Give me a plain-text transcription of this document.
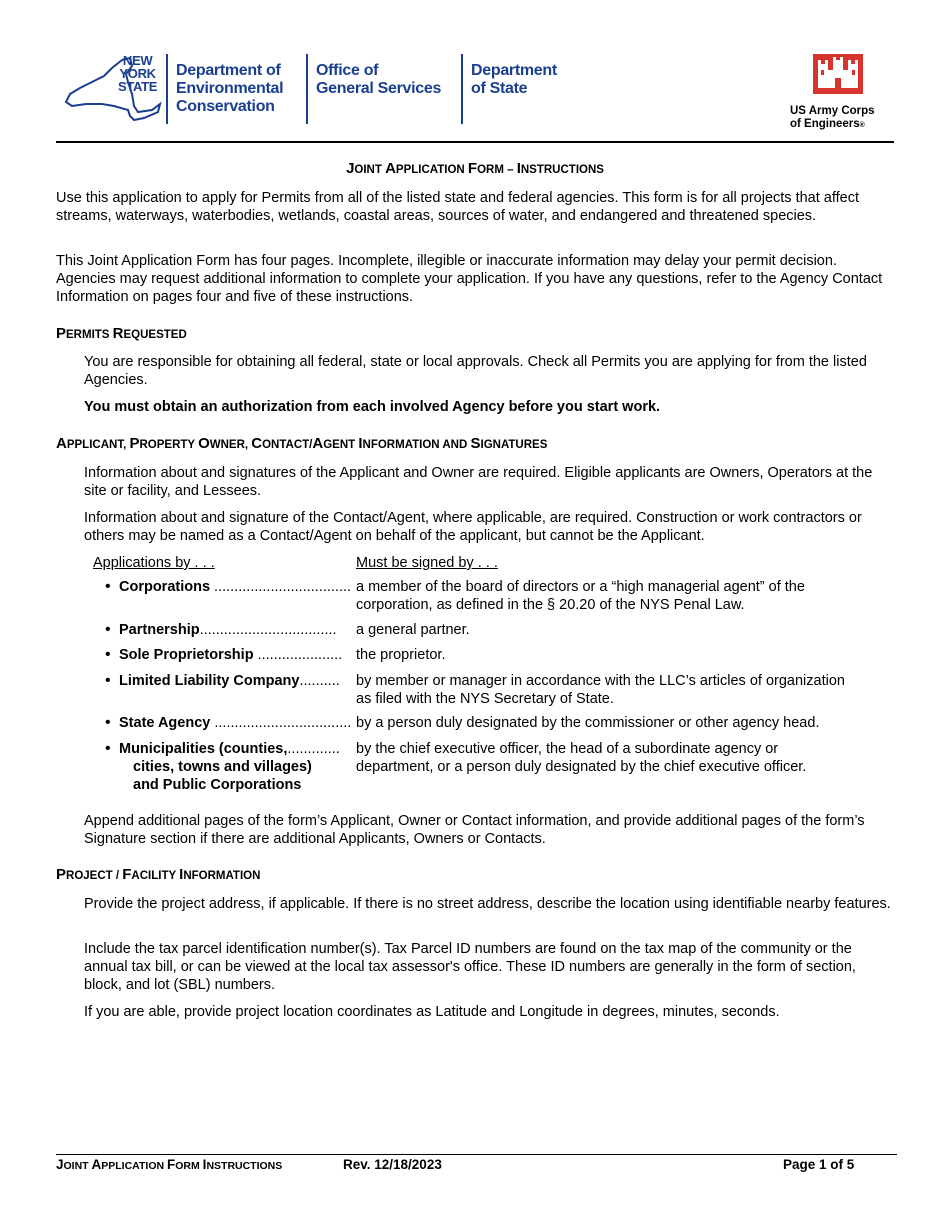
NEW
YORK
STATE
Department of
Environmental
Conservation
Office of
General Services
Department
of State
US Army Corps
of Engineers®
JOINT APPLICATION FORM – INSTRUCTIONS

Use this application to apply for Permits from all of the listed state and federal agencies. This form is for all projects that affect streams, waterways, waterbodies, wetlands, coastal areas, sources of water, and endangered and threatened species.

This Joint Application Form has four pages. Incomplete, illegible or inaccurate information may delay your permit decision. Agencies may request additional information to complete your application. If you have any questions, refer to the Agency Contact Information on pages four and five of these instructions.

PERMITS REQUESTED

You are responsible for obtaining all federal, state or local approvals. Check all Permits you are applying for from the listed Agencies.

You must obtain an authorization from each involved Agency before you start work.

APPLICANT, PROPERTY OWNER, CONTACT/AGENT INFORMATION AND SIGNATURES

Information about and signatures of the Applicant and Owner are required. Eligible applicants are Owners, Operators at the site or facility, and Lessees.

Information about and signature of the Contact/Agent, where applicable, are required. Construction or work contractors or others may be named as a Contact/Agent on behalf of the applicant, but cannot be the Applicant.

Applications by . . .	Must be signed by . . .
• Corporations .................................. a member of the board of directors or a “high managerial agent” of the corporation, as defined in the § 20.20 of the NYS Penal Law.
• Partnership..................................	a general partner.
• Sole Proprietorship ..................... the proprietor.
• Limited Liability Company..........	by member or manager in accordance with the LLC’s articles of organization as filed with the NYS Secretary of State.
• State Agency .................................. by a person duly designated by the commissioner or other agency head.
• Municipalities (counties,.............	by the chief executive officer, the head of a subordinate agency or department, or a person duly designated by the chief executive officer.
cities, towns and villages)
and Public Corporations

Append additional pages of the form’s Applicant, Owner or Contact information, and provide additional pages of the form’s Signature section if there are additional Applicants, Owners or Contacts.

PROJECT / FACILITY INFORMATION

Provide the project address, if applicable. If there is no street address, describe the location using identifiable nearby features.

Include the tax parcel identification number(s). Tax Parcel ID numbers are found on the tax map of the community or the annual tax bill, or can be viewed at the local tax assessor's office. These ID numbers are generally in the form of section, block, and lot (SBL) numbers.

If you are able, provide project location coordinates as Latitude and Longitude in degrees, minutes, seconds.

JOINT APPLICATION FORM INSTRUCTIONS	Rev. 12/18/2023	Page 1 of 5
